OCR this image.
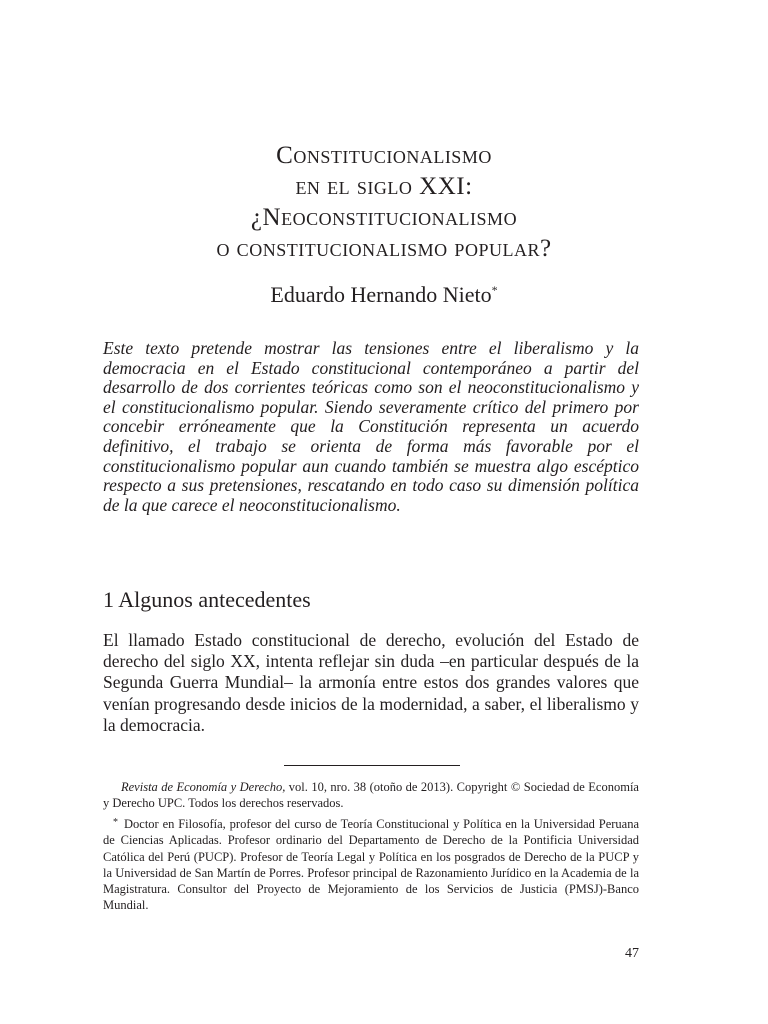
Constitucionalismo
en el siglo XXI:
¿Neoconstitucionalismo
o constitucionalismo popular?
Eduardo Hernando Nieto*

Este texto pretende mostrar las tensiones entre el liberalismo y la democracia en el Estado constitucional contemporáneo a partir del desarrollo de dos corrientes teóricas como son el neoconstitucionalismo y el constitucionalismo popular. Siendo severamente crítico del primero por concebir erróneamente que la Constitución representa un acuerdo definitivo, el trabajo se orienta de forma más favorable por el constitucionalismo popular aun cuando también se muestra algo escéptico respecto a sus pretensiones, rescatando en todo caso su dimensión política de la que carece el neoconstitucionalismo.

1 Algunos antecedentes

El llamado Estado constitucional de derecho, evolución del Estado de derecho del siglo XX, intenta reflejar sin duda –en particular después de la Segunda Guerra Mundial– la armonía entre estos dos grandes valores que venían progresando desde inicios de la modernidad, a saber, el liberalismo y la democracia.

Revista de Economía y Derecho, vol. 10, nro. 38 (otoño de 2013). Copyright © Sociedad de Economía y Derecho UPC. Todos los derechos reservados.

* Doctor en Filosofía, profesor del curso de Teoría Constitucional y Política en la Universidad Peruana de Ciencias Aplicadas. Profesor ordinario del Departamento de Derecho de la Pontificia Universidad Católica del Perú (PUCP). Profesor de Teoría Legal y Política en los posgrados de Derecho de la PUCP y la Universidad de San Martín de Porres. Profesor principal de Razonamiento Jurídico en la Academia de la Magistratura. Consultor del Proyecto de Mejoramiento de los Servicios de Justicia (PMSJ)-Banco Mundial.

47
